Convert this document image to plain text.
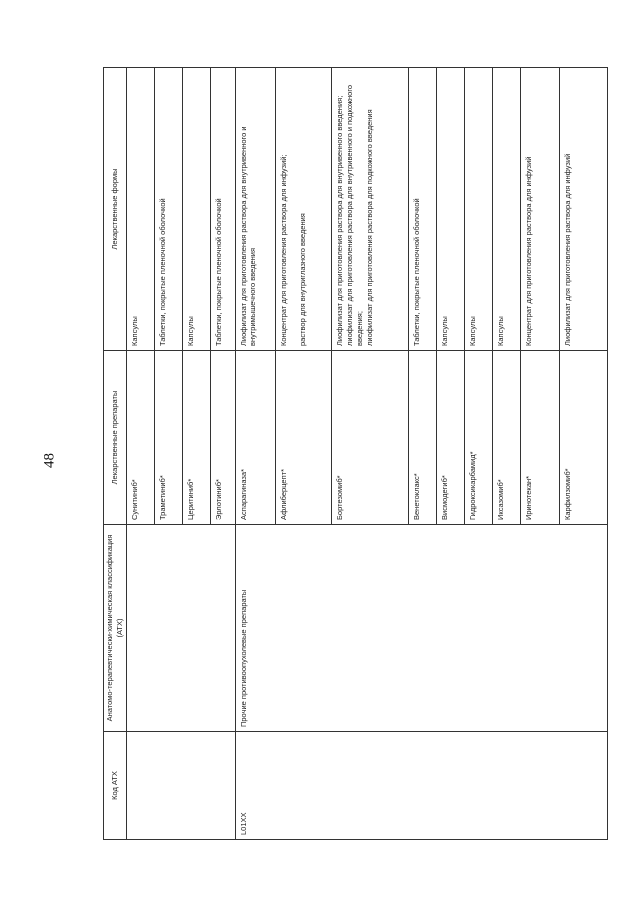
48
Код АТХ	Анатомо-терапевтически-химическая классификация (АТХ)	Лекарственные препараты	Лекарственные формы
		Сунитиниб*	Капсулы

		Траметиниб*	Таблетки, покрытые пленочной оболочкой

		Церитиниб*	Капсулы

		Эрлотиниб*	Таблетки, покрытые пленочной оболочкой

L01XX	Прочие противоопухолевые препараты	Аспарагиназа*	Лиофилизат для приготовления раствора для внутривенного и внутримышечного введения

		Афлиберцепт*	Концентрат для приготовления раствора для инфузий; раствор для внутриглазного введения

		Бортезомиб*	Лиофилизат для приготовления раствора для внутривенного введения; лиофилизат для приготовления раствора для внутривенного и подкожного введения; лиофилизат для приготовления раствора для подкожного введения

		Венетоклакс*	Таблетки, покрытые пленочной оболочкой

		Висмодегиб*	Капсулы

		Гидроксикарбамид*	Капсулы

		Иксазомиб*	Капсулы

		Иринотекан*	Концентрат для приготовления раствора для инфузий

		Карфилзомиб*	Лиофилизат для приготовления раствора для инфузий
